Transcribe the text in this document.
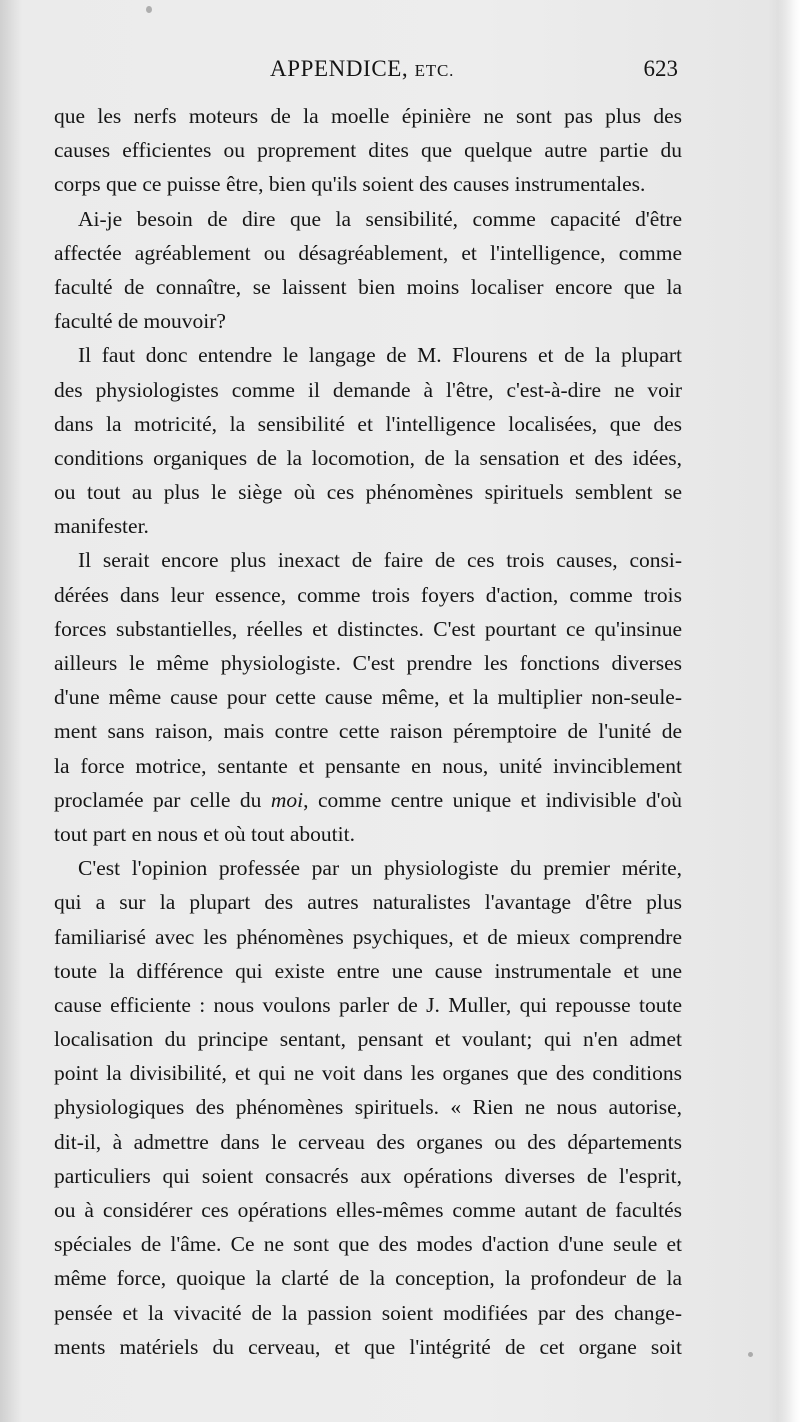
APPENDICE, ETC.	623
que les nerfs moteurs de la moelle épinière ne sont pas plus des
causes efficientes ou proprement dites que quelque autre partie du
corps que ce puisse être, bien qu'ils soient des causes instrumentales.
Ai-je besoin de dire que la sensibilité, comme capacité d'être
affectée agréablement ou désagréablement, et l'intelligence, comme
faculté de connaître, se laissent bien moins localiser encore que la
faculté de mouvoir?
Il faut donc entendre le langage de M. Flourens et de la plupart
des physiologistes comme il demande à l'être, c'est-à-dire ne voir
dans la motricité, la sensibilité et l'intelligence localisées, que des
conditions organiques de la locomotion, de la sensation et des idées,
ou tout au plus le siège où ces phénomènes spirituels semblent se
manifester.
Il serait encore plus inexact de faire de ces trois causes, consi-
dérées dans leur essence, comme trois foyers d'action, comme trois
forces substantielles, réelles et distinctes. C'est pourtant ce qu'insinue
ailleurs le même physiologiste. C'est prendre les fonctions diverses
d'une même cause pour cette cause même, et la multiplier non-seule-
ment sans raison, mais contre cette raison péremptoire de l'unité de
la force motrice, sentante et pensante en nous, unité invinciblement
proclamée par celle du moi, comme centre unique et indivisible d'où
tout part en nous et où tout aboutit.
C'est l'opinion professée par un physiologiste du premier mérite,
qui a sur la plupart des autres naturalistes l'avantage d'être plus
familiarisé avec les phénomènes psychiques, et de mieux comprendre
toute la différence qui existe entre une cause instrumentale et une
cause efficiente : nous voulons parler de J. Muller, qui repousse toute
localisation du principe sentant, pensant et voulant; qui n'en admet
point la divisibilité, et qui ne voit dans les organes que des conditions
physiologiques des phénomènes spirituels. « Rien ne nous autorise,
dit-il, à admettre dans le cerveau des organes ou des départements
particuliers qui soient consacrés aux opérations diverses de l'esprit,
ou à considérer ces opérations elles-mêmes comme autant de facultés
spéciales de l'âme. Ce ne sont que des modes d'action d'une seule et
même force, quoique la clarté de la conception, la profondeur de la
pensée et la vivacité de la passion soient modifiées par des change-
ments matériels du cerveau, et que l'intégrité de cet organe soit
